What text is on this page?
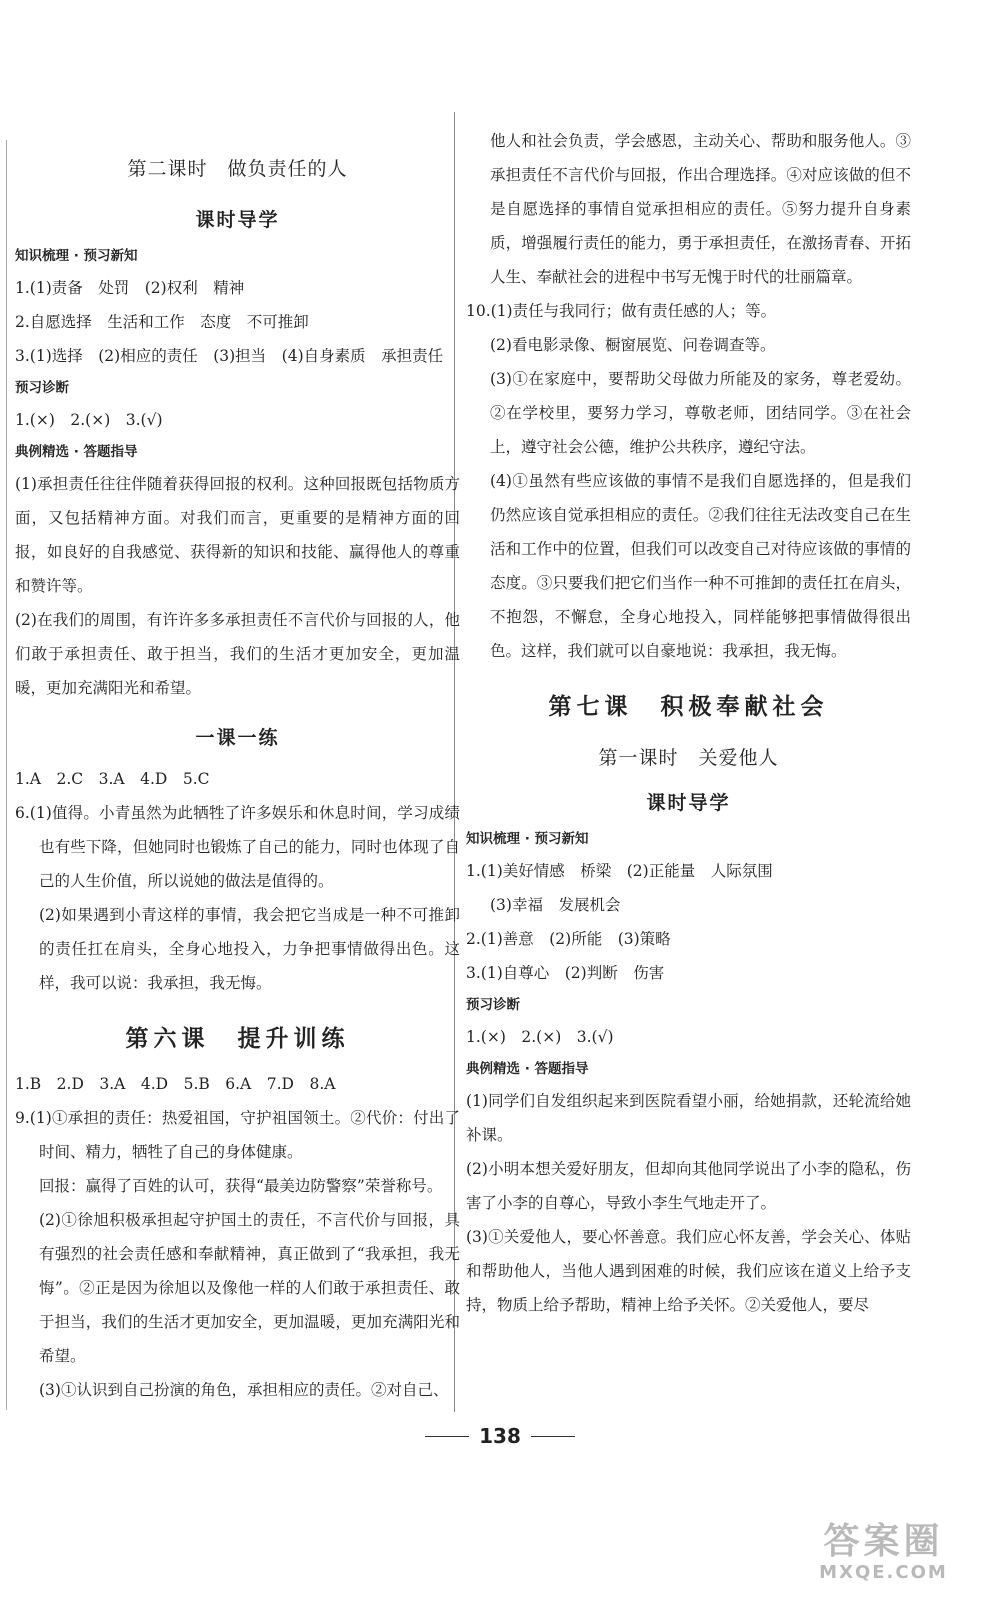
第二课时　做负责任的人
课时导学
知识梳理 · 预习新知

1.(1)责备　处罚　(2)权利　精神

2.自愿选择　生活和工作　态度　不可推卸

3.(1)选择　(2)相应的责任　(3)担当　(4)自身素质　承担责任

预习诊断

1.(×)　2.(×)　3.(√)

典例精选 · 答题指导

(1)承担责任往往伴随着获得回报的权利。这种回报既包括物质方面，又包括精神方面。对我们而言，更重要的是精神方面的回报，如良好的自我感觉、获得新的知识和技能、赢得他人的尊重和赞许等。

(2)在我们的周围，有许许多多承担责任不言代价与回报的人，他们敢于承担责任、敢于担当，我们的生活才更加安全，更加温暖，更加充满阳光和希望。

一课一练

1.A　2.C　3.A　4.D　5.C

6.(1)值得。小青虽然为此牺牲了许多娱乐和休息时间，学习成绩也有些下降，但她同时也锻炼了自己的能力，同时也体现了自己的人生价值，所以说她的做法是值得的。

(2)如果遇到小青这样的事情，我会把它当成是一种不可推卸的责任扛在肩头，全身心地投入，力争把事情做得出色。这样，我可以说：我承担，我无悔。

第六课　提升训练

1.B　2.D　3.A　4.D　5.B　6.A　7.D　8.A

9.(1)①承担的责任：热爱祖国，守护祖国领土。②代价：付出了时间、精力，牺牲了自己的身体健康。

回报：赢得了百姓的认可，获得“最美边防警察”荣誉称号。

(2)①徐旭积极承担起守护国土的责任，不言代价与回报，具有强烈的社会责任感和奉献精神，真正做到了“我承担，我无悔”。②正是因为徐旭以及像他一样的人们敢于承担责任、敢于担当，我们的生活才更加安全，更加温暖，更加充满阳光和希望。

(3)①认识到自己扮演的角色，承担相应的责任。②对自己、

他人和社会负责，学会感恩，主动关心、帮助和服务他人。③承担责任不言代价与回报，作出合理选择。④对应该做的但不是自愿选择的事情自觉承担相应的责任。⑤努力提升自身素质，增强履行责任的能力，勇于承担责任，在激扬青春、开拓人生、奉献社会的进程中书写无愧于时代的壮丽篇章。

10.(1)责任与我同行；做有责任感的人；等。

(2)看电影录像、橱窗展览、问卷调查等。

(3)①在家庭中，要帮助父母做力所能及的家务，尊老爱幼。②在学校里，要努力学习，尊敬老师，团结同学。③在社会上，遵守社会公德，维护公共秩序，遵纪守法。

(4)①虽然有些应该做的事情不是我们自愿选择的，但是我们仍然应该自觉承担相应的责任。②我们往往无法改变自己在生活和工作中的位置，但我们可以改变自己对待应该做的事情的态度。③只要我们把它们当作一种不可推卸的责任扛在肩头，不抱怨，不懈怠，全身心地投入，同样能够把事情做得很出色。这样，我们就可以自豪地说：我承担，我无悔。

第七课　积极奉献社会
第一课时　关爱他人
课时导学
知识梳理 · 预习新知

1.(1)美好情感　桥梁　(2)正能量　人际氛围

(3)幸福　发展机会

2.(1)善意　(2)所能　(3)策略

3.(1)自尊心　(2)判断　伤害

预习诊断

1.(×)　2.(×)　3.(√)

典例精选 · 答题指导

(1)同学们自发组织起来到医院看望小丽，给她捐款，还轮流给她补课。

(2)小明本想关爱好朋友，但却向其他同学说出了小李的隐私，伤害了小李的自尊心，导致小李生气地走开了。

(3)①关爱他人，要心怀善意。我们应心怀友善，学会关心、体贴和帮助他人，当他人遇到困难的时候，我们应该在道义上给予支持，物质上给予帮助，精神上给予关怀。②关爱他人，要尽

138
答案圈
MXQE.COM
